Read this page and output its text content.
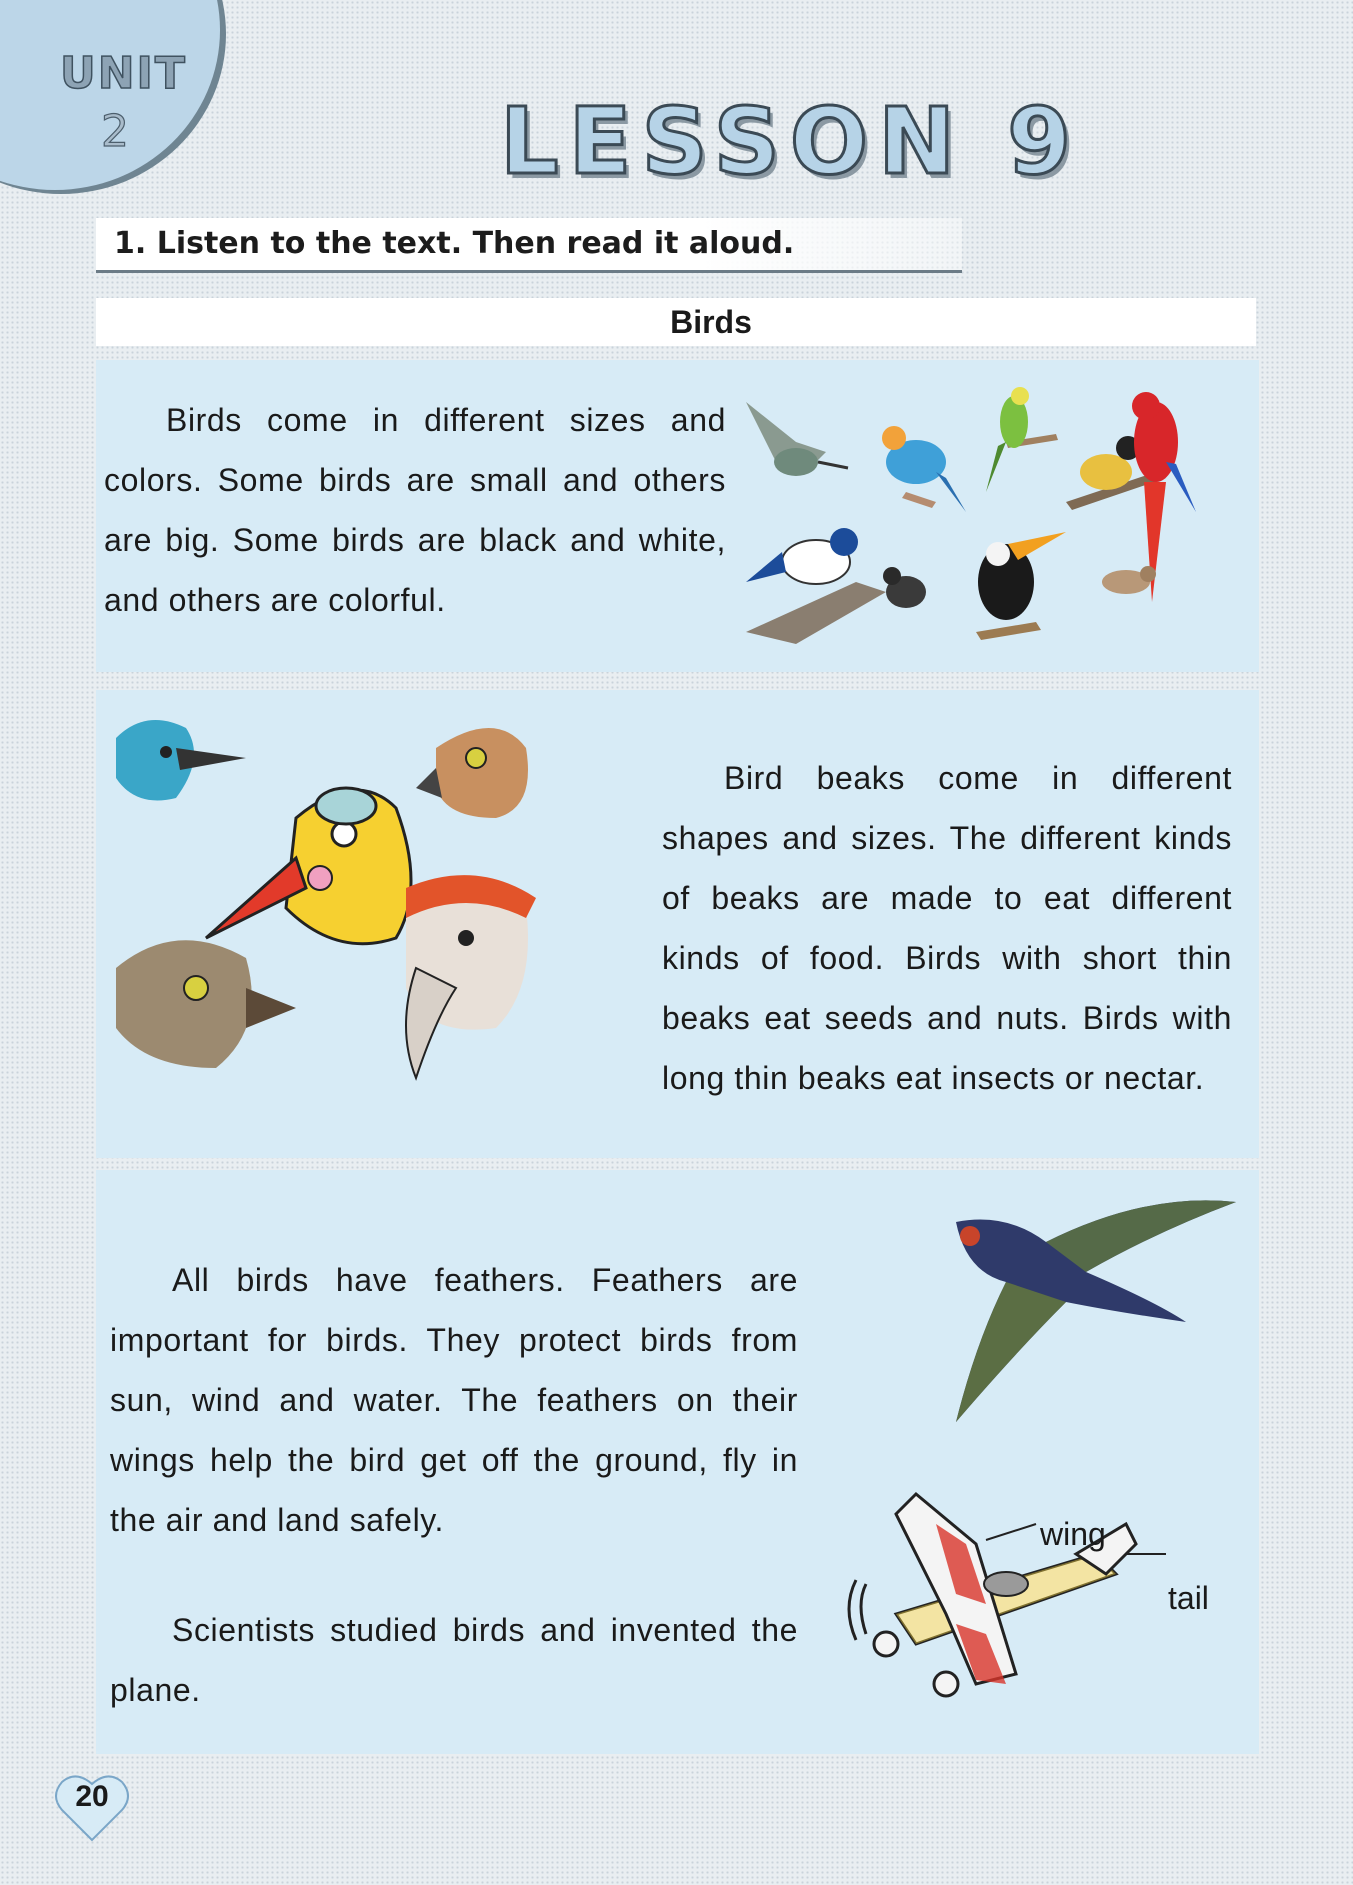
UNIT
2	LESSON 9
1. Listen to the text. Then read it aloud.
Birds
Birds come in different sizes and colors. Some birds are small and others are big. Some birds are black and white, and others are colorful.
Bird beaks come in different shapes and sizes. The different kinds of beaks are made to eat different kinds of food. Birds with short thin beaks eat seeds and nuts. Birds with long thin beaks eat insects or nectar.
All birds have feathers. Feathers are important for birds. They protect birds from sun, wind and water. The feathers on their wings help the bird get off the ground, fly in the air and land safely.
Scientists studied birds and invented the plane.
wing
tail
20
